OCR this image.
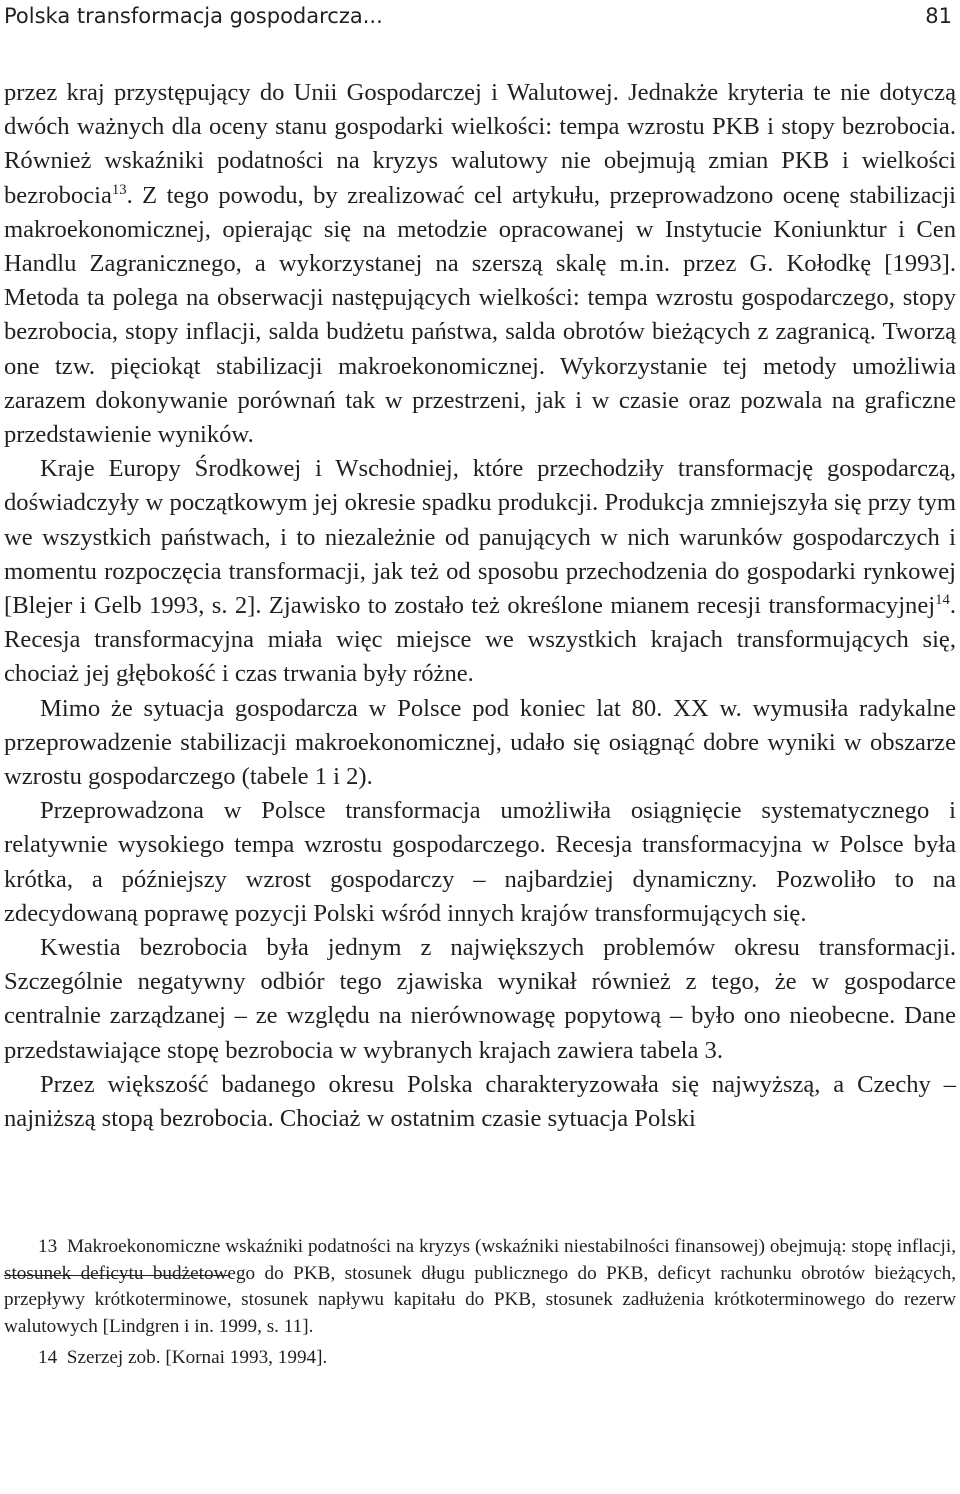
Polska transformacja gospodarcza...	81

przez kraj przystępujący do Unii Gospodarczej i Walutowej. Jednakże kryteria te nie dotyczą dwóch ważnych dla oceny stanu gospodarki wielkości: tempa wzrostu PKB i stopy bezrobocia. Również wskaźniki podatności na kryzys walutowy nie obejmują zmian PKB i wielkości bezrobocia$^{13}$. Z tego powodu, by zrealizować cel artykułu, przeprowadzono ocenę stabilizacji makroekonomicznej, opierając się na metodzie opracowanej w Instytucie Koniunktur i Cen Handlu Zagranicznego, a wykorzystanej na szerszą skalę m.in. przez G. Kołodkę [1993]. Metoda ta polega na obserwacji następujących wielkości: tempa wzrostu gospodarczego, stopy bezrobocia, stopy inflacji, salda budżetu państwa, salda obrotów bieżących z zagranicą. Tworzą one tzw. pięciokąt stabilizacji makroekonomicznej. Wykorzystanie tej metody umożliwia zarazem dokonywanie porównań tak w przestrzeni, jak i w czasie oraz pozwala na graficzne przedstawienie wyników.

Kraje Europy Środkowej i Wschodniej, które przechodziły transformację gospodarczą, doświadczyły w początkowym jej okresie spadku produkcji. Produkcja zmniejszyła się przy tym we wszystkich państwach, i to niezależnie od panujących w nich warunków gospodarczych i momentu rozpoczęcia transformacji, jak też od sposobu przechodzenia do gospodarki rynkowej [Blejer i Gelb 1993, s. 2]. Zjawisko to zostało też określone mianem recesji transformacyjnej$^{14}$. Recesja transformacyjna miała więc miejsce we wszystkich krajach transformujących się, chociaż jej głębokość i czas trwania były różne.

Mimo że sytuacja gospodarcza w Polsce pod koniec lat 80. XX w. wymusiła radykalne przeprowadzenie stabilizacji makroekonomicznej, udało się osiągnąć dobre wyniki w obszarze wzrostu gospodarczego (tabele 1 i 2).

Przeprowadzona w Polsce transformacja umożliwiła osiągnięcie systematycznego i relatywnie wysokiego tempa wzrostu gospodarczego. Recesja transformacyjna w Polsce była krótka, a późniejszy wzrost gospodarczy – najbardziej dynamiczny. Pozwoliło to na zdecydowaną poprawę pozycji Polski wśród innych krajów transformujących się.

Kwestia bezrobocia była jednym z największych problemów okresu transformacji. Szczególnie negatywny odbiór tego zjawiska wynikał również z tego, że w gospodarce centralnie zarządzanej – ze względu na nierównowagę popytową – było ono nieobecne. Dane przedstawiające stopę bezrobocia w wybranych krajach zawiera tabela 3.

Przez większość badanego okresu Polska charakteryzowała się najwyższą, a Czechy – najniższą stopą bezrobocia. Chociaż w ostatnim czasie sytuacja Polski

13 Makroekonomiczne wskaźniki podatności na kryzys (wskaźniki niestabilności finansowej) obejmują: stopę inflacji, stosunek deficytu budżetowego do PKB, stosunek długu publicznego do PKB, deficyt rachunku obrotów bieżących, przepływy krótkoterminowe, stosunek napływu kapitału do PKB, stosunek zadłużenia krótkoterminowego do rezerw walutowych [Lindgren i in. 1999, s. 11].

14 Szerzej zob. [Kornai 1993, 1994].
